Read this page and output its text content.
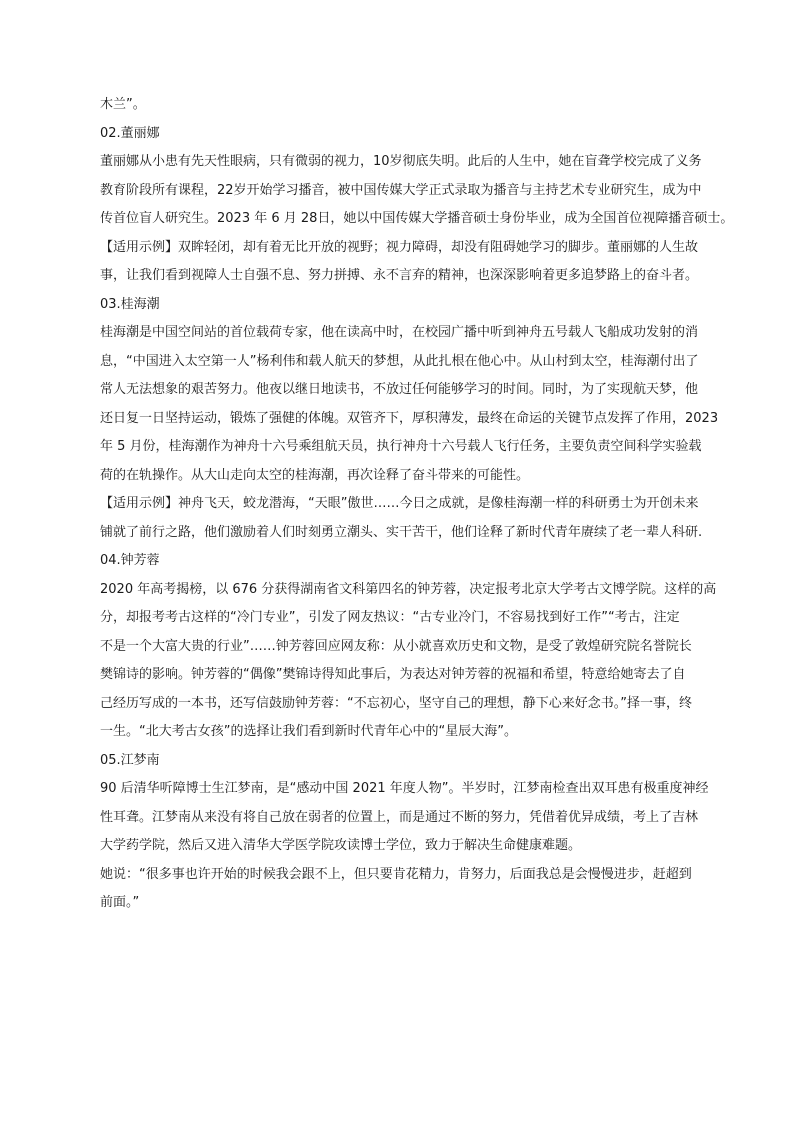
木兰”。
02.董丽娜
董丽娜从小患有先天性眼病，只有微弱的视力，10岁彻底失明。此后的人生中，她在盲聋学校完成了义务
教育阶段所有课程，22岁开始学习播音，被中国传媒大学正式录取为播音与主持艺术专业研究生，成为中
传首位盲人研究生。2023 年 6 月 28日，她以中国传媒大学播音硕士身份毕业，成为全国首位视障播音硕士。
【适用示例】双眸轻闭，却有着无比开放的视野；视力障碍，却没有阻碍她学习的脚步。董丽娜的人生故
事，让我们看到视障人士自强不息、努力拼搏、永不言弃的精神，也深深影响着更多追梦路上的奋斗者。
03.桂海潮
桂海潮是中国空间站的首位载荷专家，他在读高中时，在校园广播中听到神舟五号载人飞船成功发射的消
息，“中国进入太空第一人”杨利伟和载人航天的梦想，从此扎根在他心中。从山村到太空，桂海潮付出了
常人无法想象的艰苦努力。他夜以继日地读书，不放过任何能够学习的时间。同时，为了实现航天梦，他
还日复一日坚持运动，锻炼了强健的体魄。双管齐下，厚积薄发，最终在命运的关键节点发挥了作用，2023
年 5 月份，桂海潮作为神舟十六号乘组航天员，执行神舟十六号载人飞行任务，主要负责空间科学实验载
荷的在轨操作。从大山走向太空的桂海潮，再次诠释了奋斗带来的可能性。
【适用示例】神舟飞天，蛟龙潜海，“天眼”傲世……今日之成就，是像桂海潮一样的科研勇士为开创未来
铺就了前行之路，他们激励着人们时刻勇立潮头、实干苦干，他们诠释了新时代青年赓续了老一辈人科研.
04.钟芳蓉
2020 年高考揭榜，以 676 分获得湖南省文科第四名的钟芳蓉，决定报考北京大学考古文博学院。这样的高
分，却报考考古这样的“冷门专业”，引发了网友热议：“古专业冷门，不容易找到好工作”“考古，注定
不是一个大富大贵的行业”……钟芳蓉回应网友称：从小就喜欢历史和文物，是受了敦煌研究院名誉院长
樊锦诗的影响。钟芳蓉的“偶像”樊锦诗得知此事后，为表达对钟芳蓉的祝福和希望，特意给她寄去了自
己经历写成的一本书，还写信鼓励钟芳蓉：“不忘初心，坚守自己的理想，静下心来好念书。”择一事，终
一生。“北大考古女孩”的选择让我们看到新时代青年心中的“星辰大海”。
05.江梦南
90 后清华听障博士生江梦南，是“感动中国 2021 年度人物”。半岁时，江梦南检查出双耳患有极重度神经
性耳聋。江梦南从来没有将自己放在弱者的位置上，而是通过不断的努力，凭借着优异成绩，考上了吉林
大学药学院，然后又进入清华大学医学院攻读博士学位，致力于解决生命健康难题。
她说：“很多事也许开始的时候我会跟不上，但只要肯花精力，肯努力，后面我总是会慢慢进步，赶超到
前面。”
